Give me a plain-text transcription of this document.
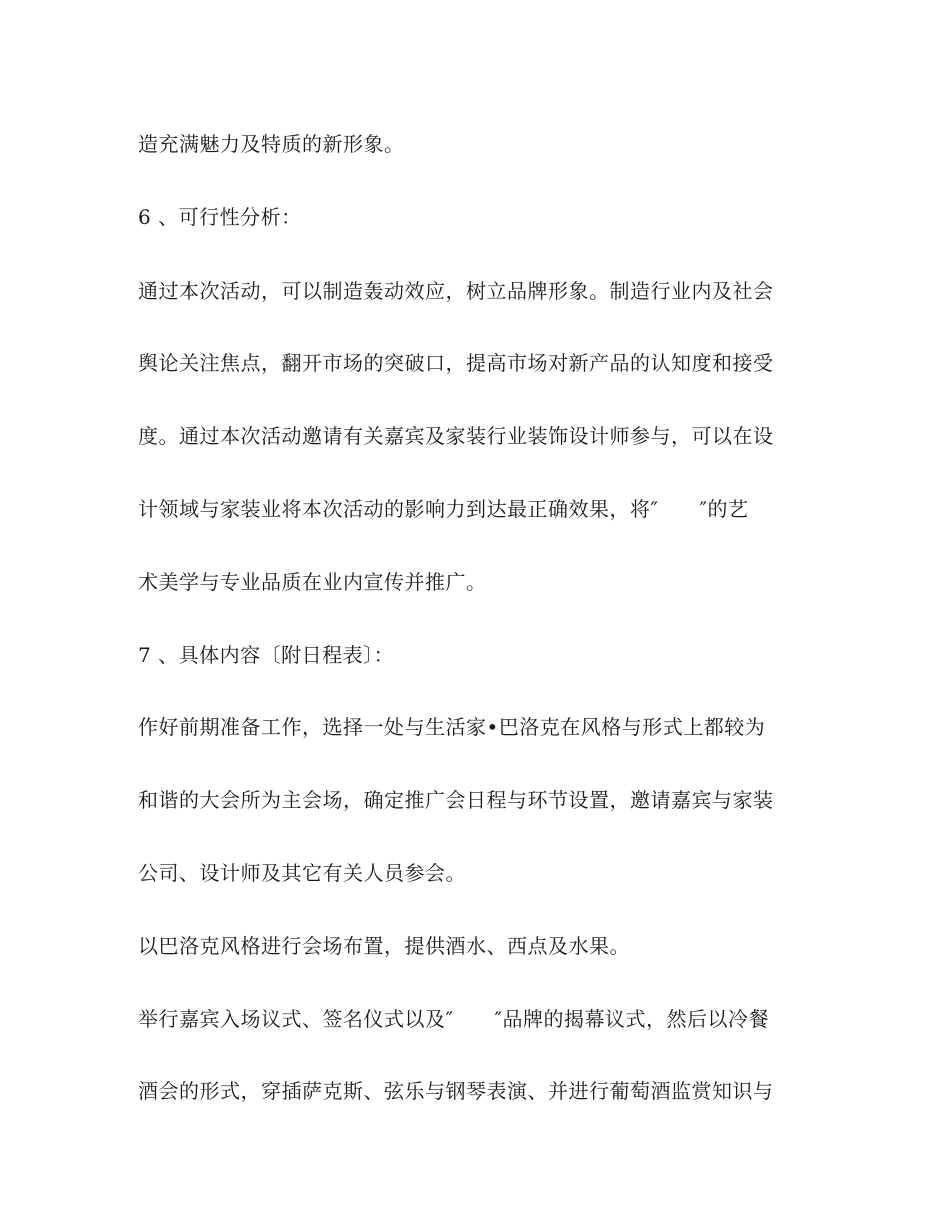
造充满魅力及特质的新形象。
6 、可行性分析：
通过本次活动，可以制造轰动效应，树立品牌形象。制造行业内及社会
舆论关注焦点，翻开市场的突破口，提高市场对新产品的认知度和接受
度。通过本次活动邀请有关嘉宾及家装行业装饰设计师参与，可以在设
计领域与家装业将本次活动的影响力到达最正确效果，将″　　″的艺
术美学与专业品质在业内宣传并推广。
7 、具体内容〔附日程表〕：
作好前期准备工作，选择一处与生活家•巴洛克在风格与形式上都较为
和谐的大会所为主会场，确定推广会日程与环节设置，邀请嘉宾与家装
公司、设计师及其它有关人员参会。
以巴洛克风格进行会场布置，提供酒水、西点及水果。
举行嘉宾入场议式、签名仪式以及″　　″品牌的揭幕议式，然后以冷餐
酒会的形式，穿插萨克斯、弦乐与钢琴表演、并进行葡萄酒监赏知识与
